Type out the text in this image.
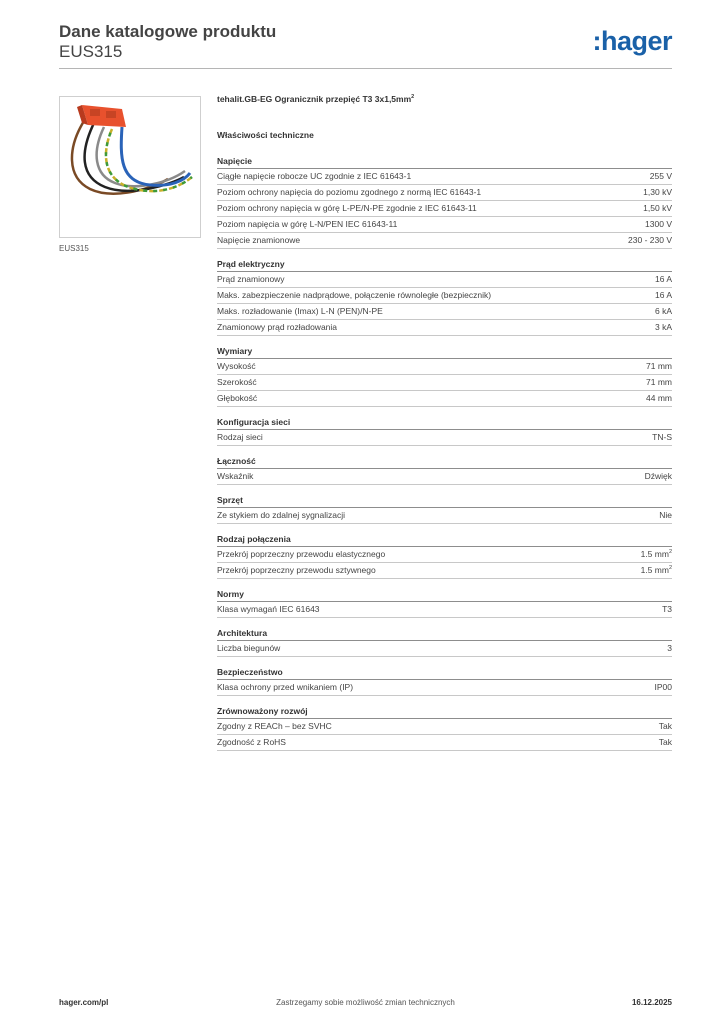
Dane katalogowe produktu
EUS315	:hager
EUS315
tehalit.GB-EG Ogranicznik przepięć T3 $3x1,5mm^2$
Właściwości techniczne
Napięcie
Ciągłe napięcie robocze UC zgodnie z IEC 61643-1	255 V
Poziom ochrony napięcia do poziomu zgodnego z normą IEC 61643-1	1,30 kV
Poziom ochrony napięcia w górę L-PE/N-PE zgodnie z IEC 61643-11	1,50 kV
Poziom napięcia w górę L-N/PEN IEC 61643-11	1300 V
Napięcie znamionowe	230 - 230 V
Prąd elektryczny
Prąd znamionowy	16 A
Maks. zabezpieczenie nadprądowe, połączenie równoległe (bezpiecznik)	16 A
Maks. rozładowanie (Imax) L-N (PEN)/N-PE	6 kA
Znamionowy prąd rozładowania	3 kA
Wymiary
Wysokość	71 mm
Szerokość	71 mm
Głębokość	44 mm
Konfiguracja sieci
Rodzaj sieci	TN-S
Łączność
Wskaźnik	Dźwięk
Sprzęt
Ze stykiem do zdalnej sygnalizacji	Nie
Rodzaj połączenia
Przekrój poprzeczny przewodu elastycznego	1.5 $mm^2$
Przekrój poprzeczny przewodu sztywnego	1.5 $mm^2$
Normy
Klasa wymagań IEC 61643	T3
Architektura
Liczba biegunów	3
Bezpieczeństwo
Klasa ochrony przed wnikaniem (IP)	IP00
Zrównoważony rozwój
Zgodny z REACh – bez SVHC	Tak
Zgodność z RoHS	Tak
hager.com/pl	Zastrzegamy sobie możliwość zmian technicznych	16.12.2025
